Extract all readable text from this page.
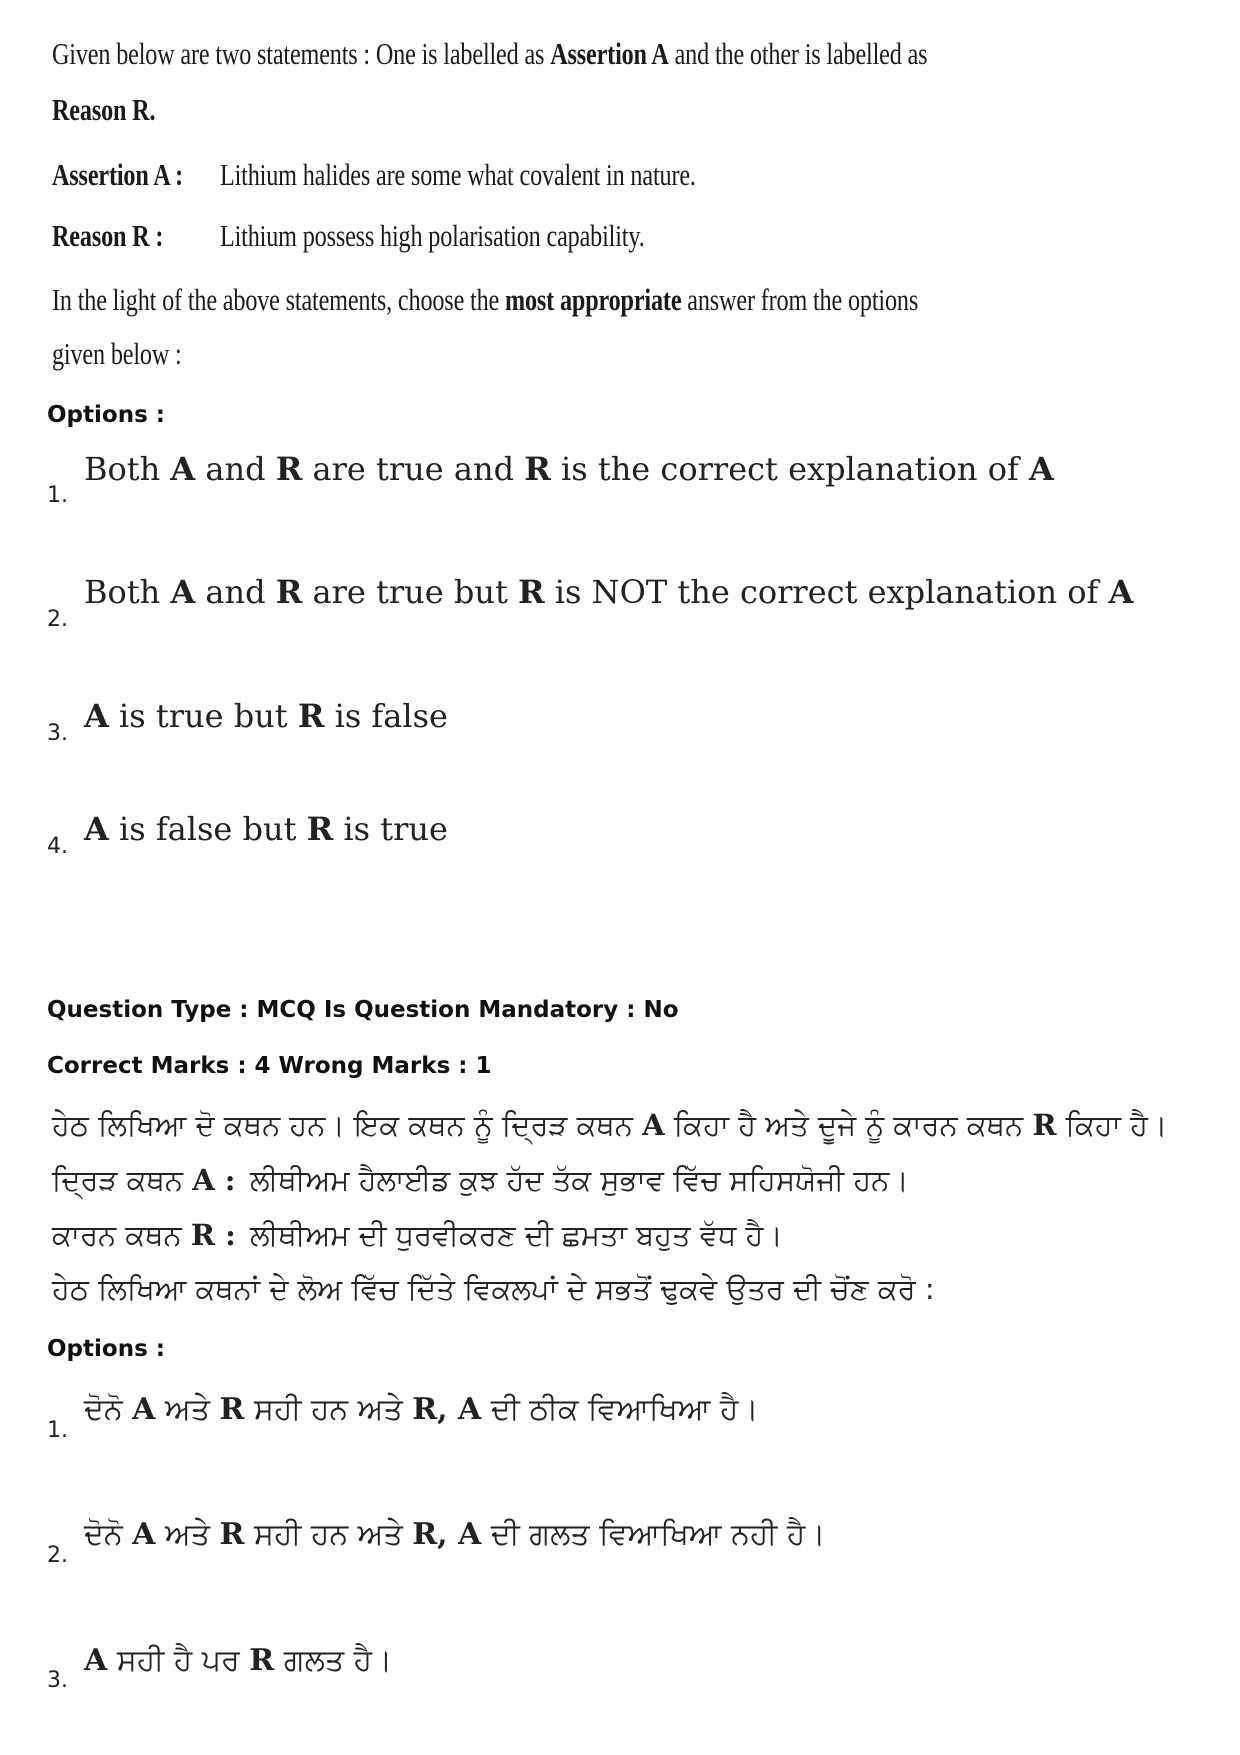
Given below are two statements : One is labelled as Assertion A and the other is labelled as
Reason R.
Assertion A : Lithium halides are some what covalent in nature.
Reason R : Lithium possess high polarisation capability.
In the light of the above statements, choose the most appropriate answer from the options
given below :
Options :
1.
Both A and R are true and R is the correct explanation of A
2.
Both A and R are true but R is NOT the correct explanation of A
3. A is true but R is false
4. A is false but R is true
Question Type : MCQ Is Question Mandatory : No
Correct Marks : 4 Wrong Marks : 1
ਹੇਠ ਲਿਖਿਆ ਦੋ ਕਥਨ ਹਨ। ਇਕ ਕਥਨ ਨੂੰ ਦ੍ਰਿੜ ਕਥਨ A ਕਿਹਾ ਹੈ ਅਤੇ ਦੂਜੇ ਨੂੰ ਕਾਰਨ ਕਥਨ R ਕਿਹਾ ਹੈ।
ਦ੍ਰਿੜ ਕਥਨ A : ਲੀਥੀਅਮ ਹੈਲਾਈਡ ਕੁਝ ਹੱਦ ਤੱਕ ਸੁਭਾਵ ਵਿੱਚ ਸਹਿਸਯੋਜੀ ਹਨ।
ਕਾਰਨ ਕਥਨ R : ਲੀਥੀਅਮ ਦੀ ਧੁਰਵੀਕਰਣ ਦੀ ਛਮਤਾ ਬਹੁਤ ਵੱਧ ਹੈ।
ਹੇਠ ਲਿਖਿਆ ਕਥਨਾਂ ਦੇ ਲੋਅ ਵਿੱਚ ਦਿੱਤੇ ਵਿਕਲਪਾਂ ਦੇ ਸਭਤੋਂ ਢੁਕਵੇ ਉਤਰ ਦੀ ਚੋਂਣ ਕਰੋ :
Options :
1.
ਦੋਨੋ A ਅਤੇ R ਸਹੀ ਹਨ ਅਤੇ R, A ਦੀ ਠੀਕ ਵਿਆਖਿਆ ਹੈ।
2.
ਦੋਨੋ A ਅਤੇ R ਸਹੀ ਹਨ ਅਤੇ R, A ਦੀ ਗਲਤ ਵਿਆਖਿਆ ਨਹੀ ਹੈ।
3.
A ਸਹੀ ਹੈ ਪਰ R ਗਲਤ ਹੈ।
